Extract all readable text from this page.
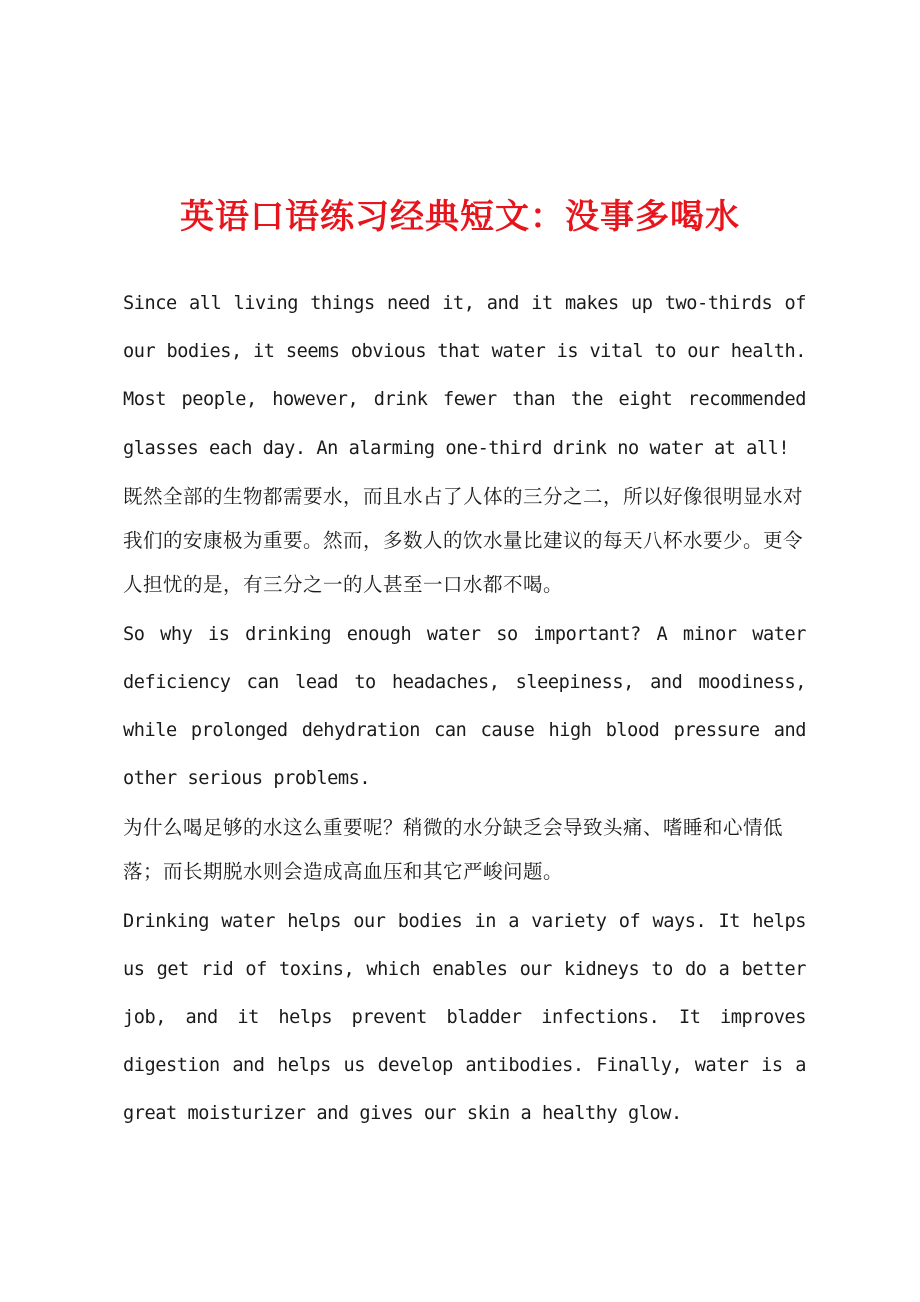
英语口语练习经典短文：没事多喝水

Since all living things need it, and it makes up two-thirds of our bodies, it seems obvious that water is vital to our health. Most people, however, drink fewer than the eight recommended glasses each day. An alarming one-third drink no water at all!

既然全部的生物都需要水，而且水占了人体的三分之二，所以好像很明显水对我们的安康极为重要。然而，多数人的饮水量比建议的每天八杯水要少。更令人担忧的是，有三分之一的人甚至一口水都不喝。

So why is drinking enough water so important? A minor water deficiency can lead to headaches, sleepiness, and moodiness, while prolonged dehydration can cause high blood pressure and other serious problems.

为什么喝足够的水这么重要呢？稍微的水分缺乏会导致头痛、嗜睡和心情低落；而长期脱水则会造成高血压和其它严峻问题。

Drinking water helps our bodies in a variety of ways. It helps us get rid of toxins, which enables our kidneys to do a better job, and it helps prevent bladder infections. It improves digestion and helps us develop antibodies. Finally, water is a great moisturizer and gives our skin a healthy glow.
